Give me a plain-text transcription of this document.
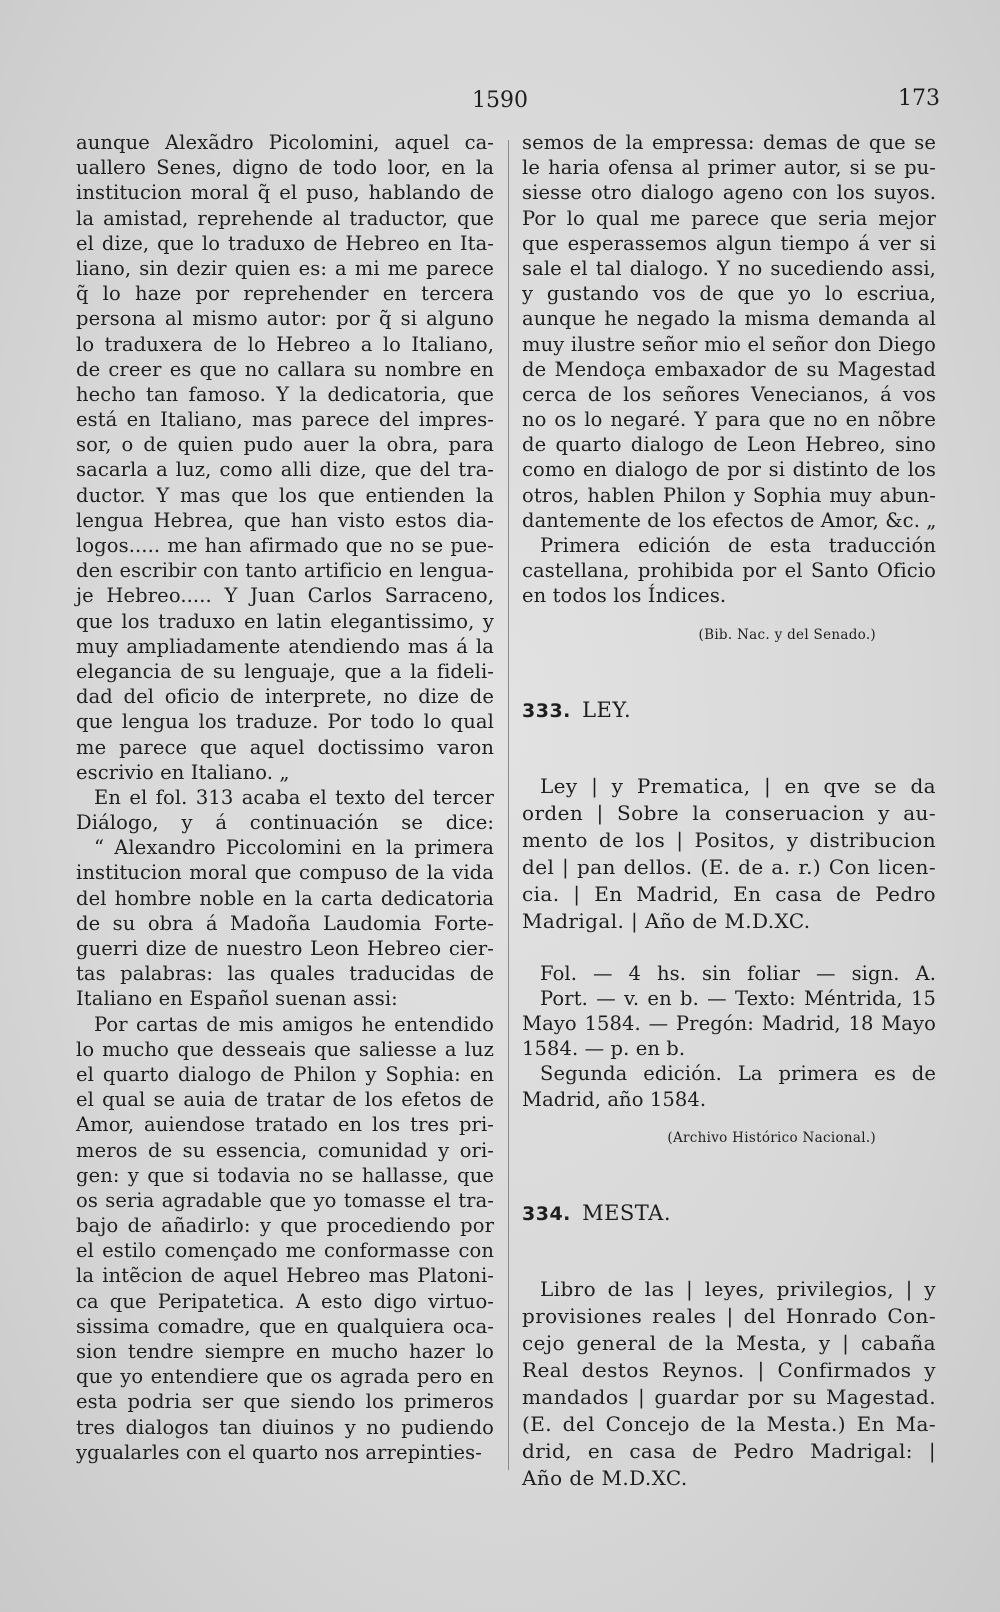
1590	173
aunque Alexãdro Picolomini, aquel ca-
uallero Senes, digno de todo loor, en la
institucion moral q̃ el puso, hablando de
la amistad, reprehende al traductor, que
el dize, que lo traduxo de Hebreo en Ita-
liano, sin dezir quien es: a mi me parece
q̃ lo haze por reprehender en tercera
persona al mismo autor: por q̃ si alguno
lo traduxera de lo Hebreo a lo Italiano,
de creer es que no callara su nombre en
hecho tan famoso. Y la dedicatoria, que
está en Italiano, mas parece del impres-
sor, o de quien pudo auer la obra, para
sacarla a luz, como alli dize, que del tra-
ductor. Y mas que los que entienden la
lengua Hebrea, que han visto estos dia-
logos..... me han afirmado que no se pue-
den escribir con tanto artificio en lengua-
je Hebreo..... Y Juan Carlos Sarraceno,
que los traduxo en latin elegantissimo, y
muy ampliadamente atendiendo mas á la
elegancia de su lenguaje, que a la fideli-
dad del oficio de interprete, no dize de
que lengua los traduze. Por todo lo qual
me parece que aquel doctissimo varon
escrivio en Italiano. „
En el fol. 313 acaba el texto del tercer
Diálogo, y á continuación se dice:
“ Alexandro Piccolomini en la primera
institucion moral que compuso de la vida
del hombre noble en la carta dedicatoria
de su obra á Madoña Laudomia Forte-
guerri dize de nuestro Leon Hebreo cier-
tas palabras: las quales traducidas de
Italiano en Español suenan assi:
Por cartas de mis amigos he entendido
lo mucho que desseais que saliesse a luz
el quarto dialogo de Philon y Sophia: en
el qual se auia de tratar de los efetos de
Amor, auiendose tratado en los tres pri-
meros de su essencia, comunidad y ori-
gen: y que si todavia no se hallasse, que
os seria agradable que yo tomasse el tra-
bajo de añadirlo: y que procediendo por
el estilo començado me conformasse con
la intẽcion de aquel Hebreo mas Platoni-
ca que Peripatetica. A esto digo virtuo-
sissima comadre, que en qualquiera oca-
sion tendre siempre en mucho hazer lo
que yo entendiere que os agrada pero en
esta podria ser que siendo los primeros
tres dialogos tan diuinos y no pudiendo
ygualarles con el quarto nos arrepinties-
semos de la empressa: demas de que se
le haria ofensa al primer autor, si se pu-
siesse otro dialogo ageno con los suyos.
Por lo qual me parece que seria mejor
que esperassemos algun tiempo á ver si
sale el tal dialogo. Y no sucediendo assi,
y gustando vos de que yo lo escriua,
aunque he negado la misma demanda al
muy ilustre señor mio el señor don Diego
de Mendoça embaxador de su Magestad
cerca de los señores Venecianos, á vos
no os lo negaré. Y para que no en nõbre
de quarto dialogo de Leon Hebreo, sino
como en dialogo de por si distinto de los
otros, hablen Philon y Sophia muy abun-
dantemente de los efectos de Amor, &c. „
Primera edición de esta traducción
castellana, prohibida por el Santo Oficio
en todos los Índices.
(Bib. Nac. y del Senado.)
333. LEY.
Ley | y Prematica, | en qve se da
orden | Sobre la conseruacion y au-
mento de los | Positos, y distribucion
del | pan dellos. (E. de a. r.) Con licen-
cia. | En Madrid, En casa de Pedro
Madrigal. | Año de M.D.XC.
Fol. — 4 hs. sin foliar — sign. A.
Port. — v. en b. — Texto: Méntrida, 15
Mayo 1584. — Pregón: Madrid, 18 Mayo
1584. — p. en b.
Segunda edición. La primera es de
Madrid, año 1584.
(Archivo Histórico Nacional.)
334. MESTA.
Libro de las | leyes, privilegios, | y
provisiones reales | del Honrado Con-
cejo general de la Mesta, y | cabaña
Real destos Reynos. | Confirmados y
mandados | guardar por su Magestad.
(E. del Concejo de la Mesta.) En Ma-
drid, en casa de Pedro Madrigal: |
Año de M.D.XC.
